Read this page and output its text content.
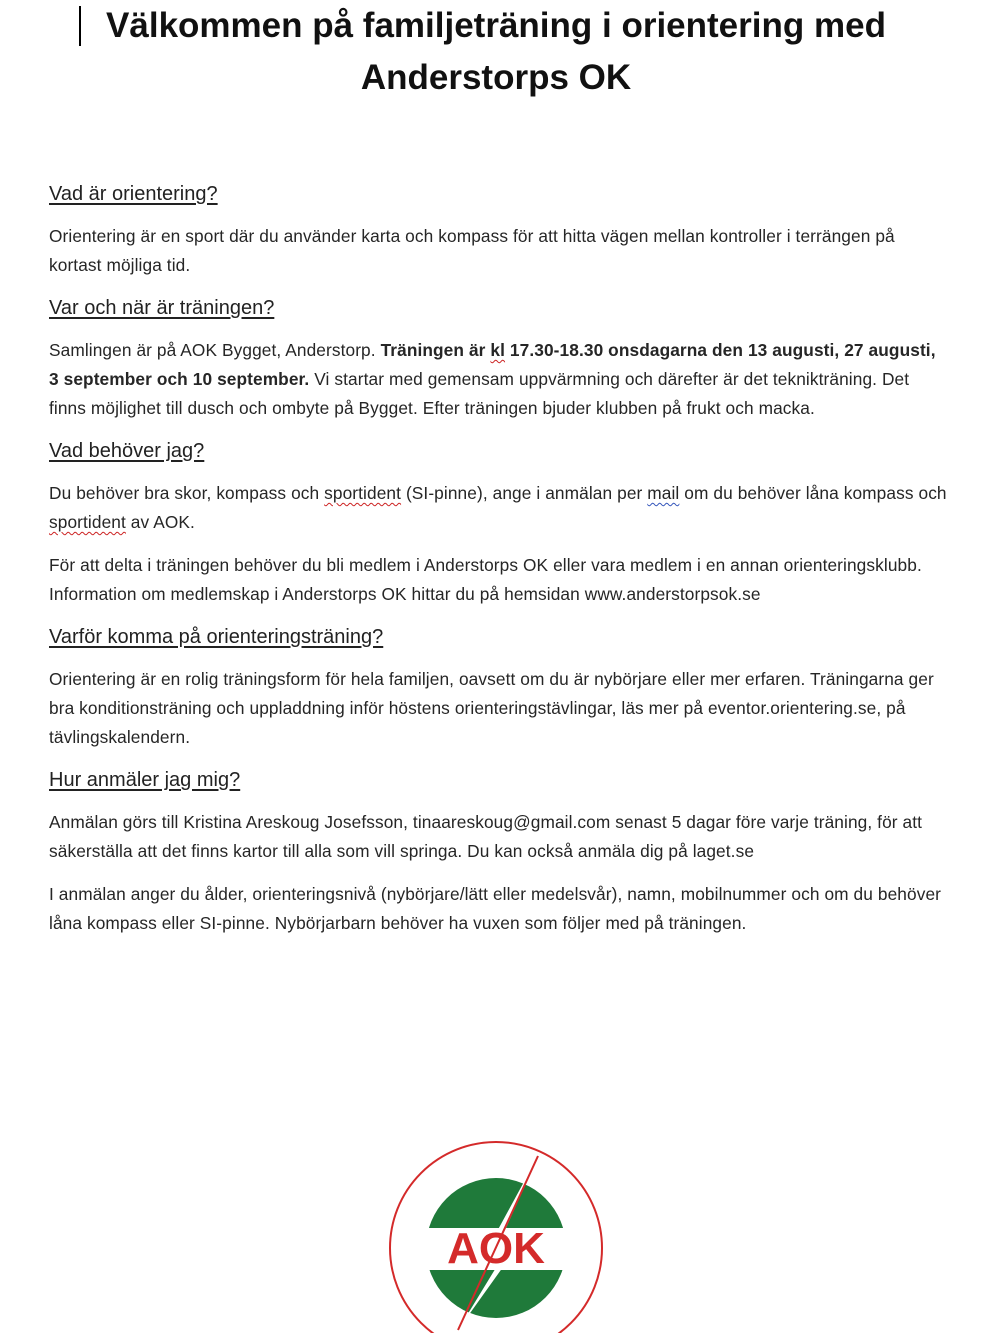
Välkommen på familjeträning i orientering med
Anderstorps OK
Vad är orientering?

Orientering är en sport där du använder karta och kompass för att hitta vägen mellan kontroller i terrängen på kortast möjliga tid.

Var och när är träningen?

Samlingen är på AOK Bygget, Anderstorp. Träningen är kl 17.30-18.30 onsdagarna den 13 augusti, 27 augusti, 3 september och 10 september. Vi startar med gemensam uppvärmning och därefter är det teknikträning. Det finns möjlighet till dusch och ombyte på Bygget. Efter träningen bjuder klubben på frukt och macka.

Vad behöver jag?

Du behöver bra skor, kompass och sportident (SI-pinne), ange i anmälan per mail om du behöver låna kompass och sportident av AOK.

För att delta i träningen behöver du bli medlem i Anderstorps OK eller vara medlem i en annan orienteringsklubb. Information om medlemskap i Anderstorps OK hittar du på hemsidan www.anderstorpsok.se

Varför komma på orienteringsträning?

Orientering är en rolig träningsform för hela familjen, oavsett om du är nybörjare eller mer erfaren. Träningarna ger bra konditionsträning och uppladdning inför höstens orienteringstävlingar, läs mer på eventor.orientering.se, på tävlingskalendern.

Hur anmäler jag mig?

Anmälan görs till Kristina Areskoug Josefsson, tinaareskoug@gmail.com senast 5 dagar före varje träning, för att säkerställa att det finns kartor till alla som vill springa. Du kan också anmäla dig på laget.se

I anmälan anger du ålder, orienteringsnivå (nybörjare/lätt eller medelsvår), namn, mobilnummer och om du behöver låna kompass eller SI-pinne. Nybörjarbarn behöver ha vuxen som följer med på träningen.

AOK
